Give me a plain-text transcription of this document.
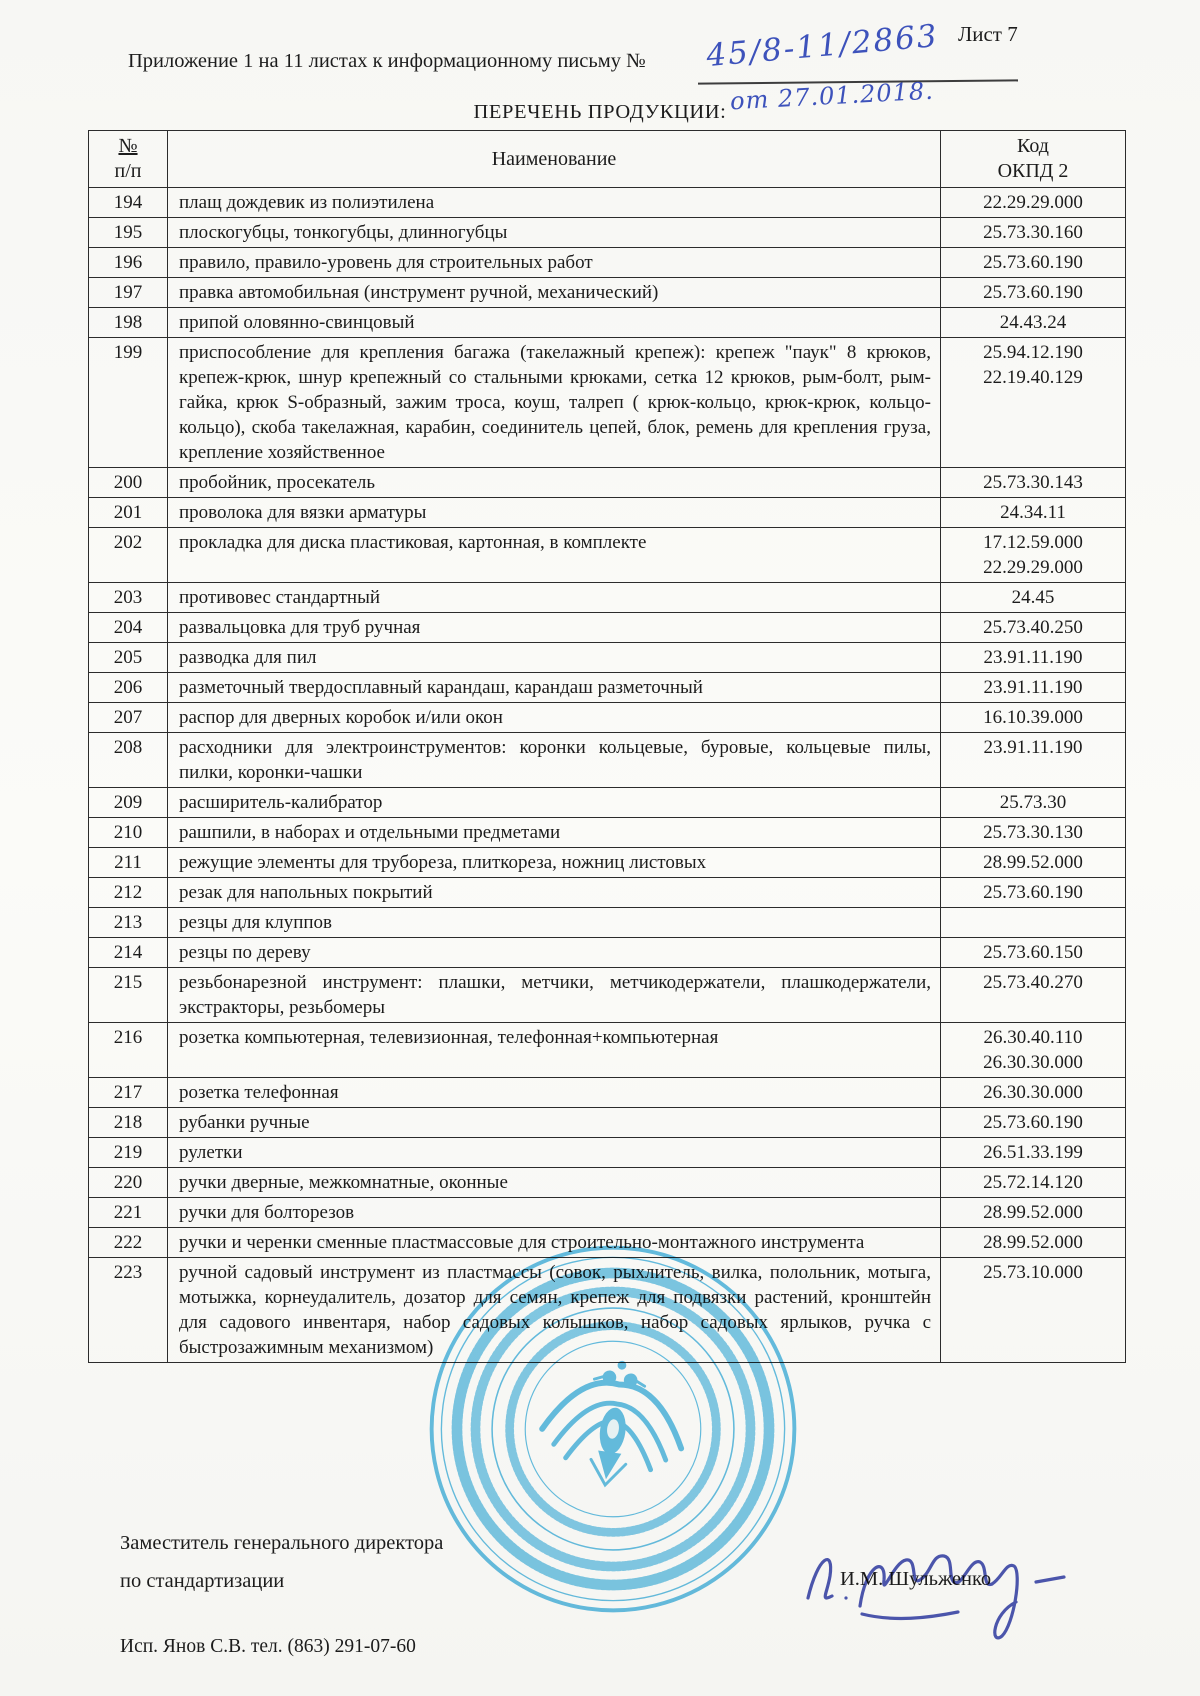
Лист 7
Приложение 1 на 11 листах к информационному письму № 45/8-11/2863
от 27.01.2018.
ПЕРЕЧЕНЬ ПРОДУКЦИИ:
№
п/п	Наименование	Код
ОКПД 2

194	плащ дождевик из полиэтилена	22.29.29.000

195	плоскогубцы, тонкогубцы, длинногубцы	25.73.30.160

196	правило, правило-уровень для строительных работ	25.73.60.190

197	правка автомобильная (инструмент ручной, механический)	25.73.60.190

198	припой оловянно-свинцовый	24.43.24

199	приспособление для крепления багажа (такелажный крепеж): крепеж "паук" 8 крюков, крепеж-крюк, шнур крепежный со стальными крюками, сетка 12 крюков, рым-болт, рым-гайка, крюк S-образный, зажим троса, коуш, талреп ( крюк-кольцо, крюк-крюк, кольцо-кольцо), скоба такелажная, карабин, соединитель цепей, блок, ремень для крепления груза, крепление хозяйственное	25.94.12.190
22.19.40.129

200	пробойник, просекатель	25.73.30.143

201	проволока для вязки арматуры	24.34.11

202	прокладка для диска пластиковая, картонная, в комплекте	17.12.59.000
22.29.29.000

203	противовес стандартный	24.45

204	развальцовка для труб ручная	25.73.40.250

205	разводка для пил	23.91.11.190

206	разметочный твердосплавный карандаш, карандаш разметочный	23.91.11.190

207	распор для дверных коробок и/или окон	16.10.39.000

208	расходники для электроинструментов: коронки кольцевые, буровые, кольцевые пилы, пилки, коронки-чашки	23.91.11.190

209	расширитель-калибратор	25.73.30

210	рашпили, в наборах и отдельными предметами	25.73.30.130

211	режущие элементы для трубореза, плиткореза, ножниц листовых	28.99.52.000

212	резак для напольных покрытий	25.73.60.190

213	резцы для клуппов	
214	резцы по дереву	25.73.60.150

215	резьбонарезной инструмент: плашки, метчики, метчикодержатели, плашкодержатели, экстракторы, резьбомеры	25.73.40.270

216	розетка компьютерная, телевизионная, телефонная+компьютерная	26.30.40.110
26.30.30.000

217	розетка телефонная	26.30.30.000

218	рубанки ручные	25.73.60.190

219	рулетки	26.51.33.199

220	ручки дверные, межкомнатные, оконные	25.72.14.120

221	ручки для болторезов	28.99.52.000

222	ручки и черенки сменные пластмассовые для строительно-монтажного инструмента	28.99.52.000

223	ручной садовый инструмент из пластмассы (совок, рыхлитель, вилка, полольник, мотыга, мотыжка, корнеудалитель, дозатор для семян, крепеж для подвязки растений, кронштейн для садового инвентаря, набор садовых колышков, набор садовых ярлыков, ручка с быстрозажимным механизмом)	25.73.10.000
Заместитель генерального директора
по стандартизации	И.М. Шульженко
Исп. Янов С.В. тел. (863) 291-07-60
